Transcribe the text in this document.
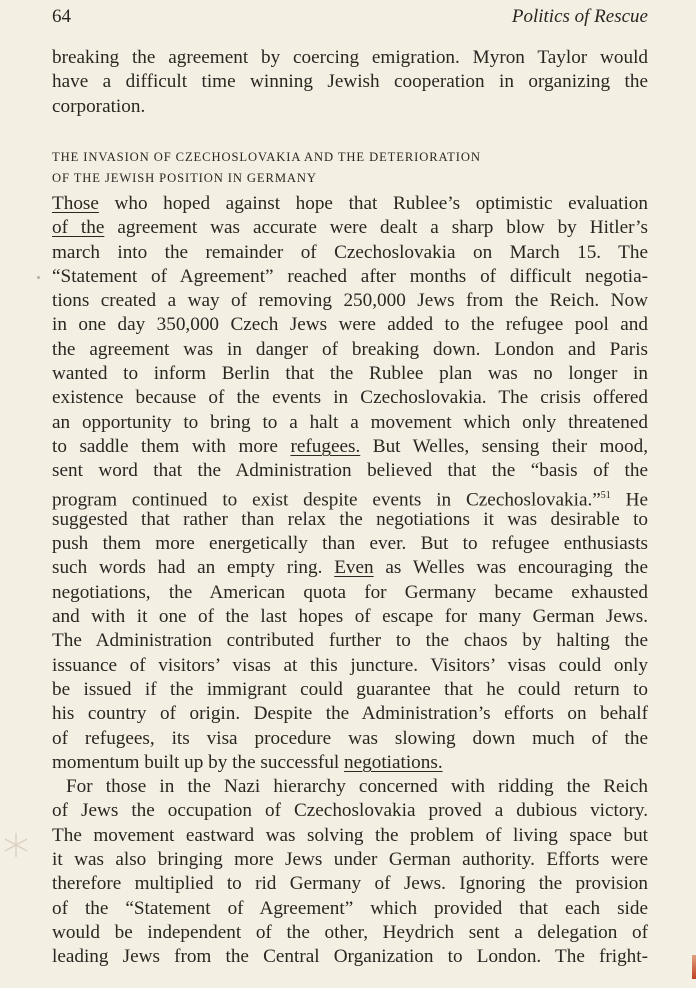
64	Politics of Rescue
breaking the agreement by coercing emigration. Myron Taylor would
have a difficult time winning Jewish cooperation in organizing the
corporation.
THE INVASION OF CZECHOSLOVAKIA AND THE DETERIORATION
OF THE JEWISH POSITION IN GERMANY
Those who hoped against hope that Rublee’s optimistic evaluation
of the agreement was accurate were dealt a sharp blow by Hitler’s
march into the remainder of Czechoslovakia on March 15. The
“Statement of Agreement” reached after months of difficult negotia-
tions created a way of removing 250,000 Jews from the Reich. Now
in one day 350,000 Czech Jews were added to the refugee pool and
the agreement was in danger of breaking down. London and Paris
wanted to inform Berlin that the Rublee plan was no longer in
existence because of the events in Czechoslovakia. The crisis offered
an opportunity to bring to a halt a movement which only threatened
to saddle them with more refugees. But Welles, sensing their mood,
sent word that the Administration believed that the “basis of the
program continued to exist despite events in Czechoslovakia.”$^{51}$ He
suggested that rather than relax the negotiations it was desirable to
push them more energetically than ever. But to refugee enthusiasts
such words had an empty ring. Even as Welles was encouraging the
negotiations, the American quota for Germany became exhausted
and with it one of the last hopes of escape for many German Jews.
The Administration contributed further to the chaos by halting the
issuance of visitors’ visas at this juncture. Visitors’ visas could only
be issued if the immigrant could guarantee that he could return to
his country of origin. Despite the Administration’s efforts on behalf
of refugees, its visa procedure was slowing down much of the
momentum built up by the successful negotiations.
For those in the Nazi hierarchy concerned with ridding the Reich
of Jews the occupation of Czechoslovakia proved a dubious victory.
The movement eastward was solving the problem of living space but
it was also bringing more Jews under German authority. Efforts were
therefore multiplied to rid Germany of Jews. Ignoring the provision
of the “Statement of Agreement” which provided that each side
would be independent of the other, Heydrich sent a delegation of
leading Jews from the Central Organization to London. The fright-
